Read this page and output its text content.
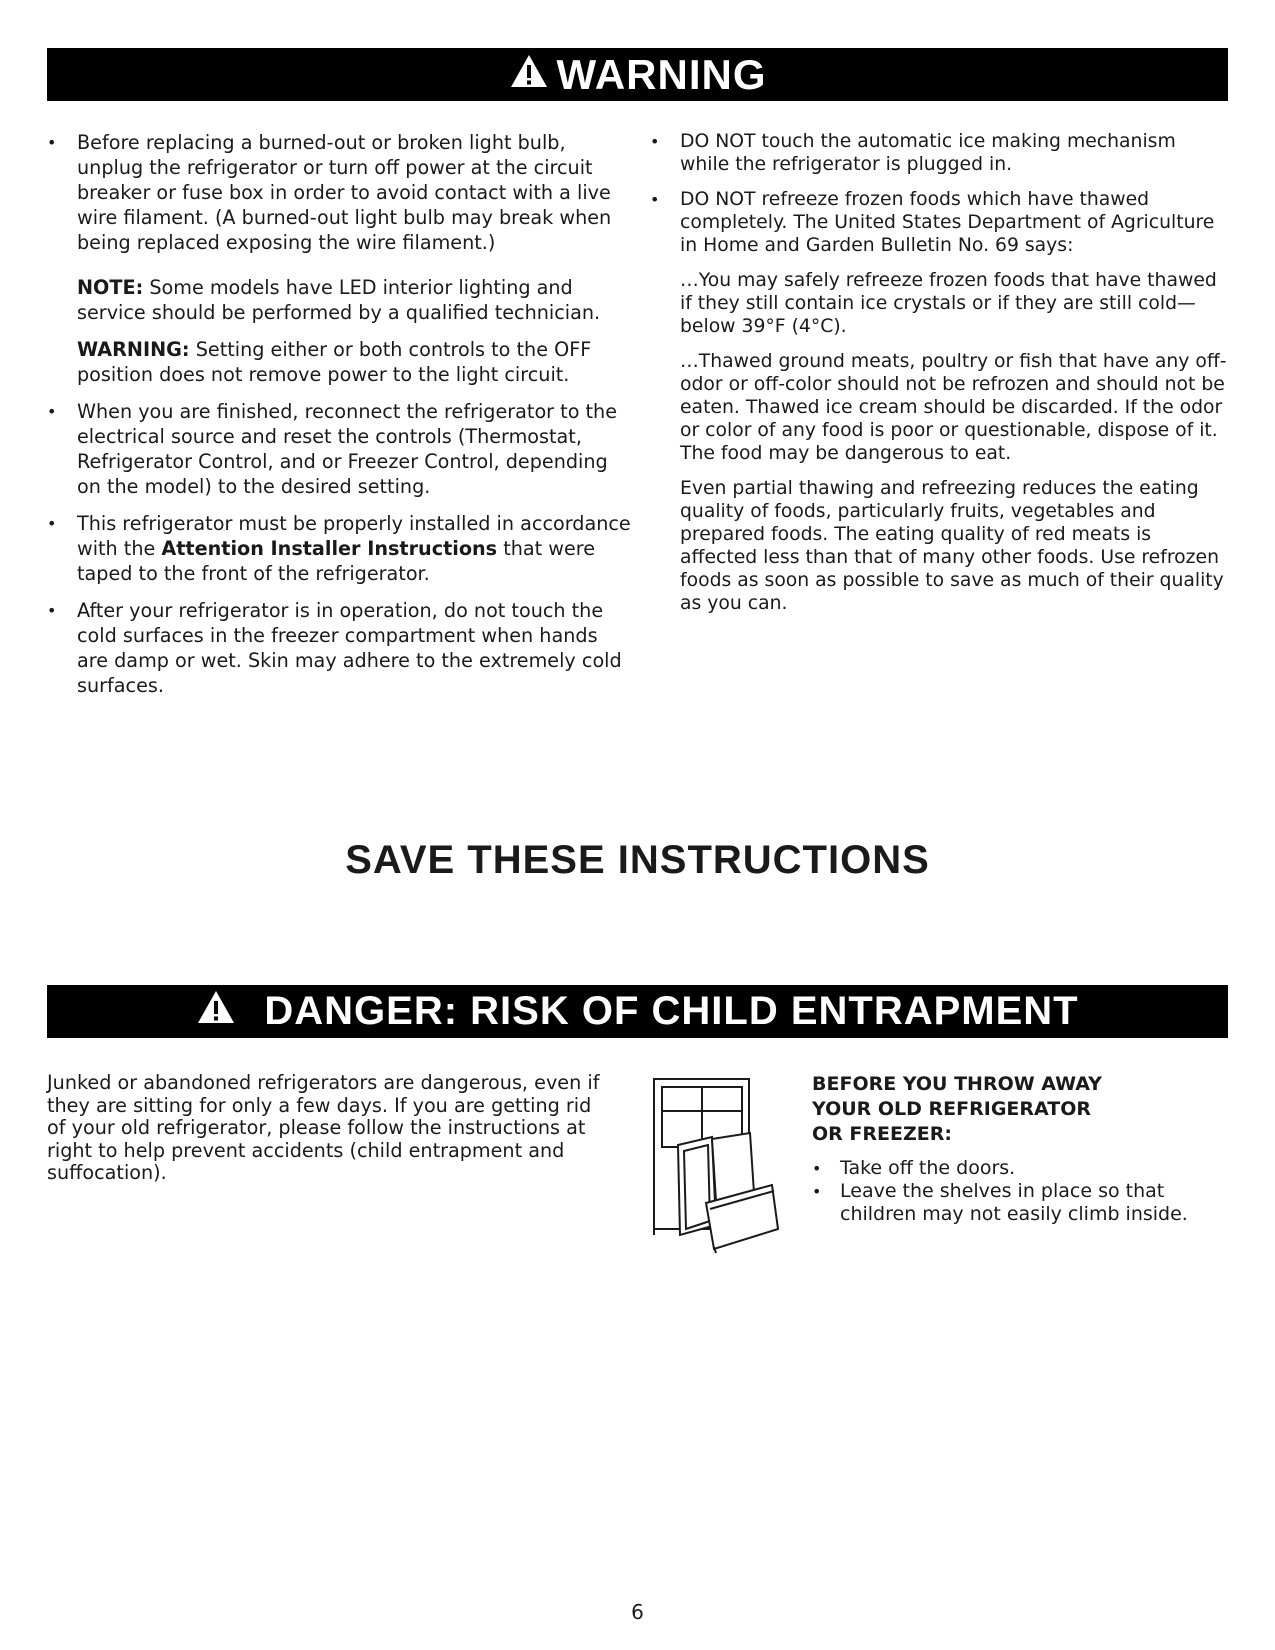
WARNING

• Before replacing a burned-out or broken light bulb, unplug the refrigerator or turn off power at the circuit breaker or fuse box in order to avoid contact with a live wire filament. (A burned-out light bulb may break when being replaced exposing the wire filament.)

NOTE: Some models have LED interior lighting and service should be performed by a qualified technician.

WARNING: Setting either or both controls to the OFF position does not remove power to the light circuit.

• When you are finished, reconnect the refrigerator to the electrical source and reset the controls (Thermostat, Refrigerator Control, and or Freezer Control, depending on the model) to the desired setting.

• This refrigerator must be properly installed in accordance with the Attention Installer Instructions that were taped to the front of the refrigerator.

• After your refrigerator is in operation, do not touch the cold surfaces in the freezer compartment when hands are damp or wet. Skin may adhere to the extremely cold surfaces.

• DO NOT touch the automatic ice making mechanism while the refrigerator is plugged in.

• DO NOT refreeze frozen foods which have thawed completely. The United States Department of Agriculture in Home and Garden Bulletin No. 69 says:

…You may safely refreeze frozen foods that have thawed if they still contain ice crystals or if they are still cold—below 39°F (4°C).

…Thawed ground meats, poultry or fish that have any off-odor or off-color should not be refrozen and should not be eaten. Thawed ice cream should be discarded. If the odor or color of any food is poor or questionable, dispose of it. The food may be dangerous to eat.

Even partial thawing and refreezing reduces the eating quality of foods, particularly fruits, vegetables and prepared foods. The eating quality of red meats is affected less than that of many other foods. Use refrozen foods as soon as possible to save as much of their quality as you can.

SAVE THESE INSTRUCTIONS
DANGER: RISK OF CHILD ENTRAPMENT
Junked or abandoned refrigerators are dangerous, even if they are sitting for only a few days. If you are getting rid of your old refrigerator, please follow the instructions at right to help prevent accidents (child entrapment and suffocation).
BEFORE YOU THROW AWAY
YOUR OLD REFRIGERATOR
OR FREEZER:
• Take off the doors.
• Leave the shelves in place so that children may not easily climb inside.
6
